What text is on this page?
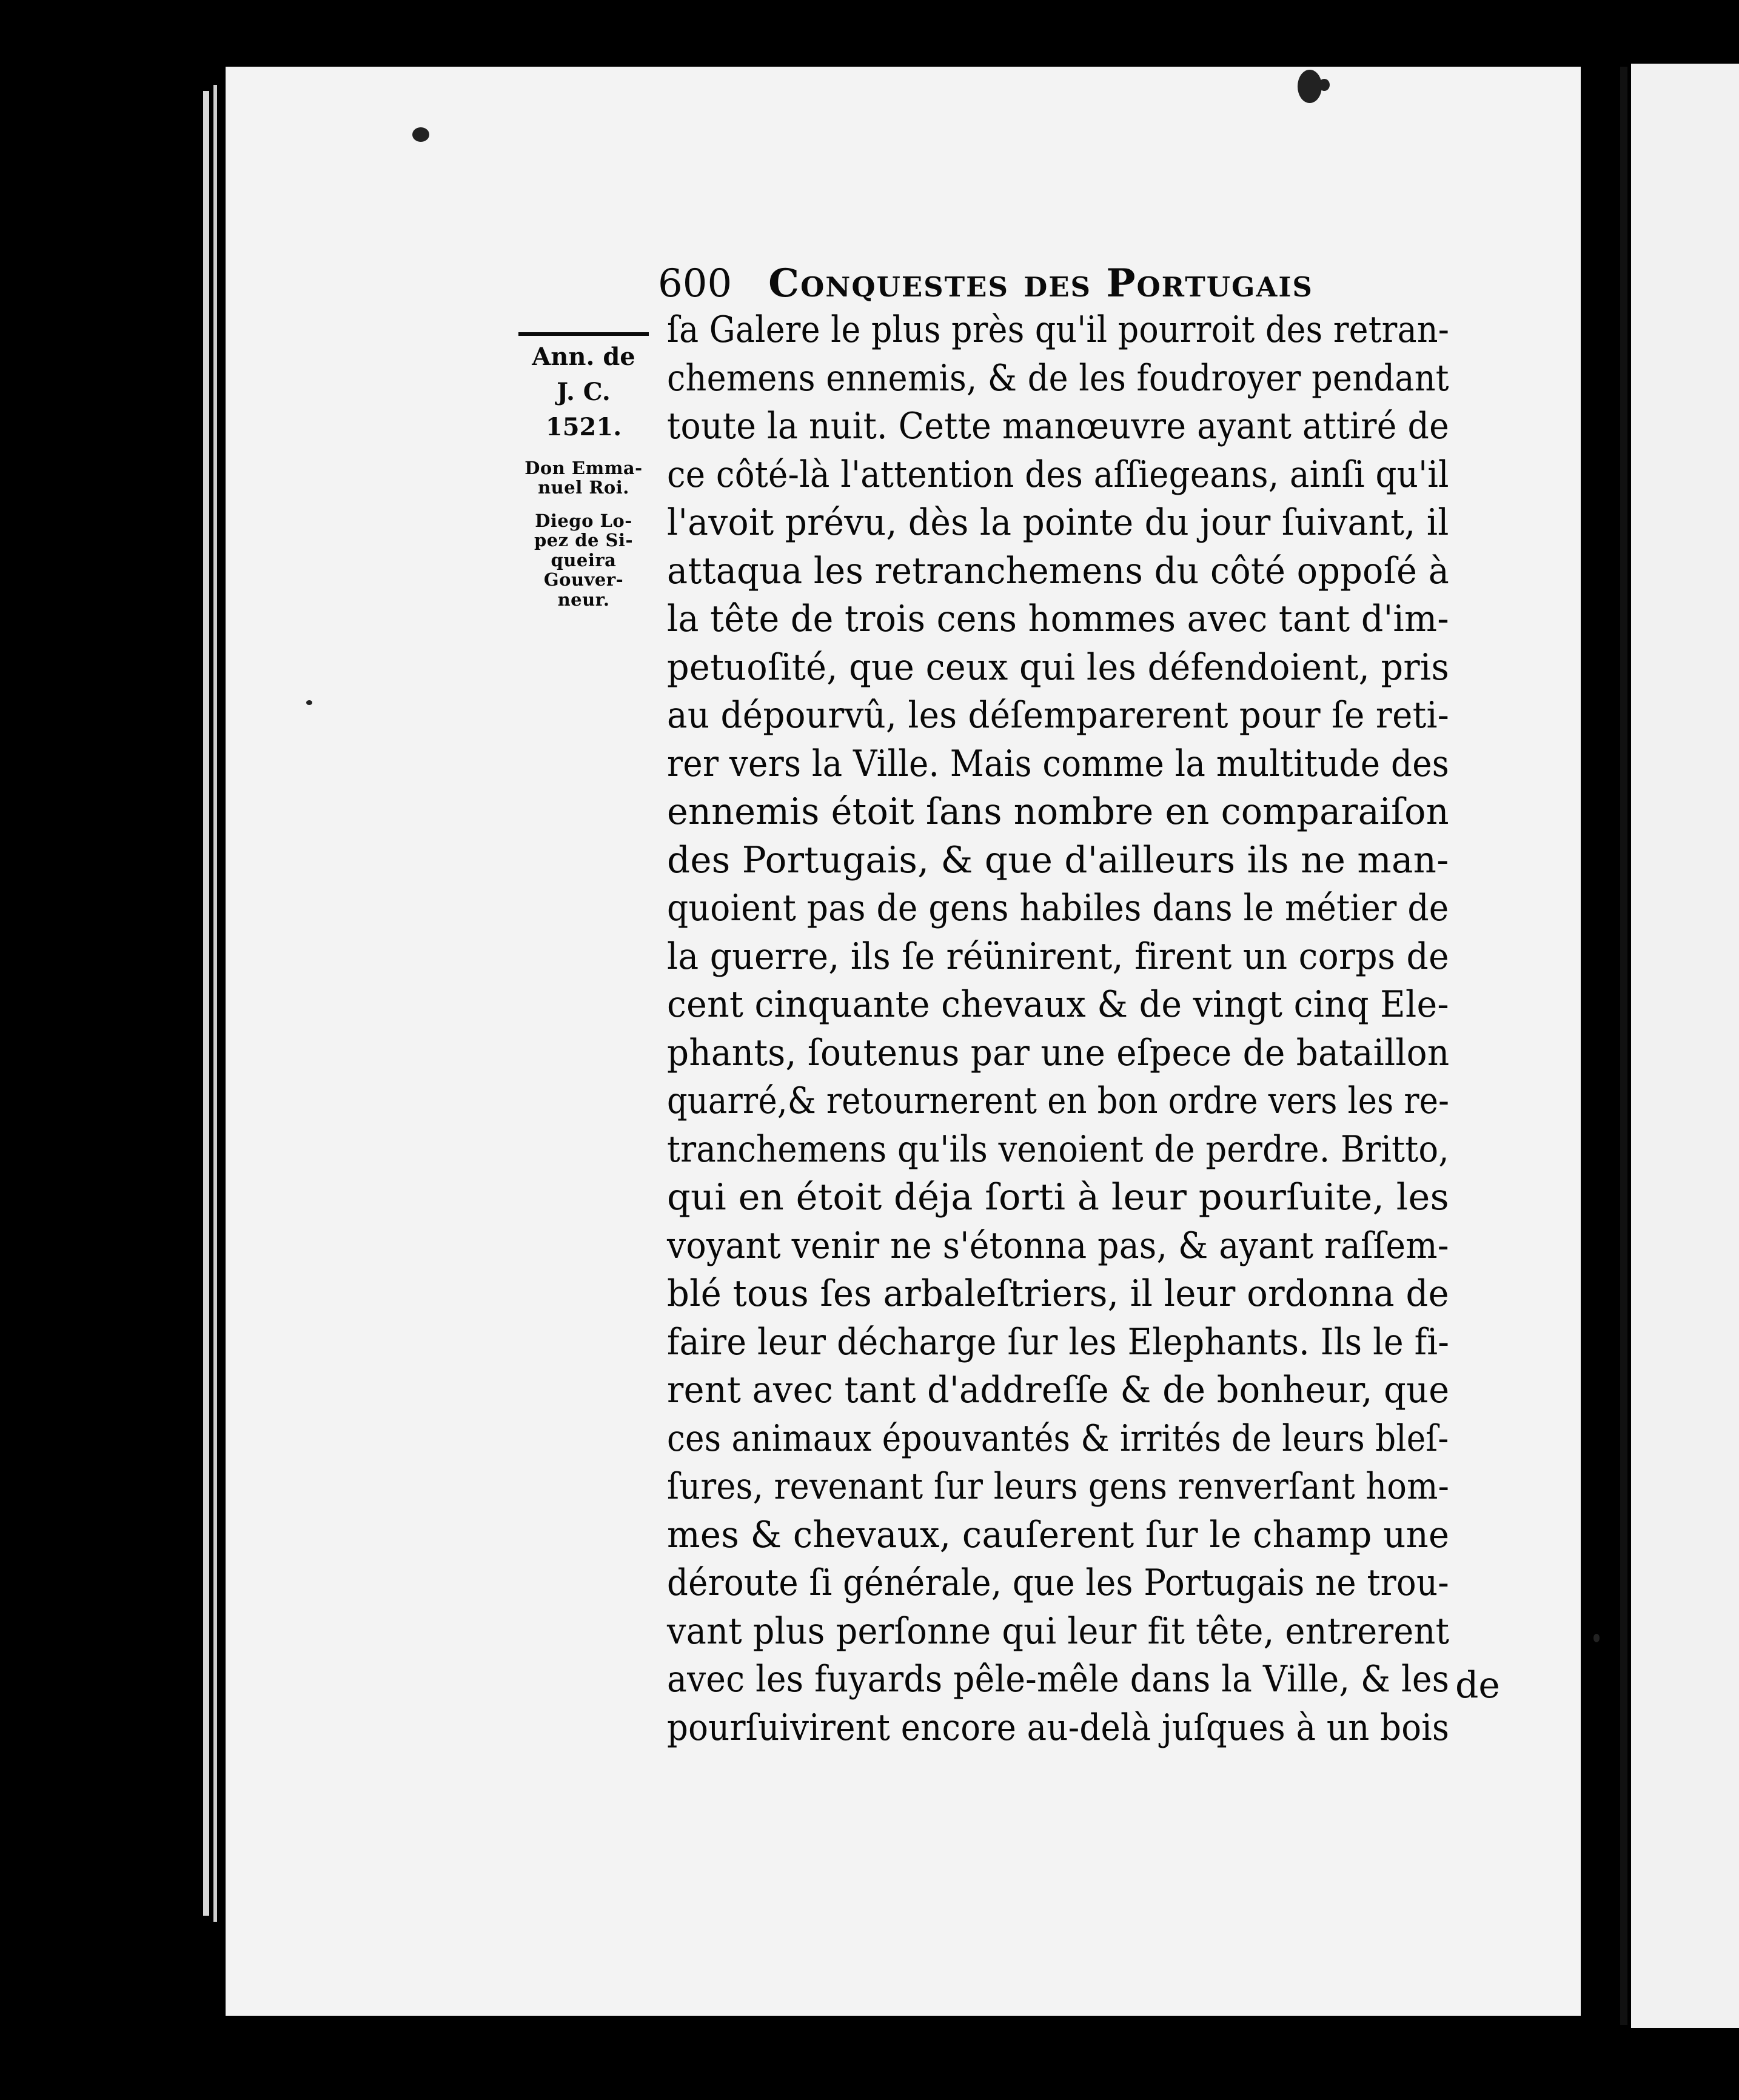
600 Conquestes des Portugais
Ann. de
J. C.
1521.
Don Emma-
nuel Roi.
Diego Lo-
pez de Si-
queira
Gouver-
neur.
ſa Galere le plus près qu'il pourroit des retran-
chemens ennemis, & de les foudroyer pendant
toute la nuit. Cette manœuvre ayant attiré de
ce côté-là l'attention des aſſiegeans, ainſi qu'il
l'avoit prévu, dès la pointe du jour ſuivant, il
attaqua les retranchemens du côté oppoſé à
la tête de trois cens hommes avec tant d'im-
petuoſité, que ceux qui les défendoient, pris
au dépourvû, les déſemparerent pour ſe reti-
rer vers la Ville. Mais comme la multitude des
ennemis étoit ſans nombre en comparaiſon
des Portugais, & que d'ailleurs ils ne man-
quoient pas de gens habiles dans le métier de
la guerre, ils ſe réünirent, firent un corps de
cent cinquante chevaux & de vingt cinq Ele-
phants, ſoutenus par une eſpece de bataillon
quarré,& retournerent en bon ordre vers les re-
tranchemens qu'ils venoient de perdre. Britto,
qui en étoit déja ſorti à leur pourſuite, les
voyant venir ne s'étonna pas, & ayant raſſem-
blé tous ſes arbaleſtriers, il leur ordonna de
faire leur décharge ſur les Elephants. Ils le fi-
rent avec tant d'addreſſe & de bonheur, que
ces animaux épouvantés & irrités de leurs bleſ-
ſures, revenant ſur leurs gens renverſant hom-
mes & chevaux, cauſerent ſur le champ une
déroute ſi générale, que les Portugais ne trou-
vant plus perſonne qui leur fit tête, entrerent
avec les fuyards pêle-mêle dans la Ville, & les
pourſuivirent encore au-delà juſques à un bois
de
